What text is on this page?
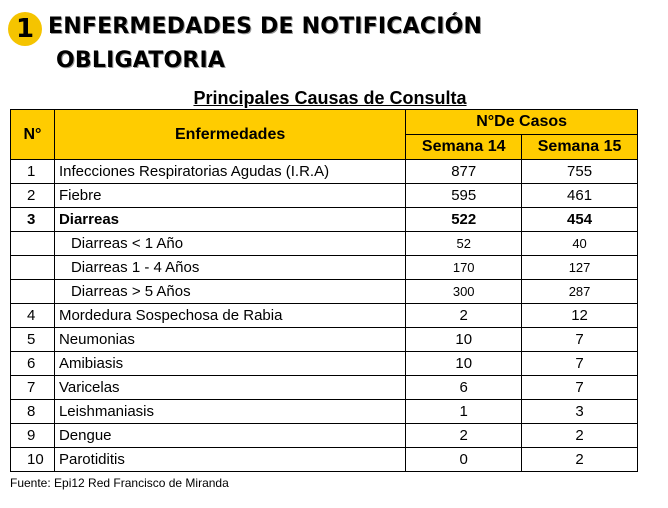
1 ENFERMEDADES DE NOTIFICACIÓN
OBLIGATORIA
Principales Causas de Consulta
N°	Enfermedades	N°De Casos	
		Semana 14	Semana 15
1	Infecciones Respiratorias Agudas (I.R.A)	877	755
2	Fiebre	595	461
3	Diarreas	522	454
	Diarreas < 1 Año	52	40
	Diarreas 1 - 4 Años	170	127
	Diarreas > 5 Años	300	287
4	Mordedura Sospechosa de Rabia	2	12
5	Neumonias	10	7
6	Amibiasis	10	7
7	Varicelas	6	7
8	Leishmaniasis	1	3
9	Dengue	2	2
10	Parotiditis	0	2
Fuente: Epi12 Red Francisco de Miranda
